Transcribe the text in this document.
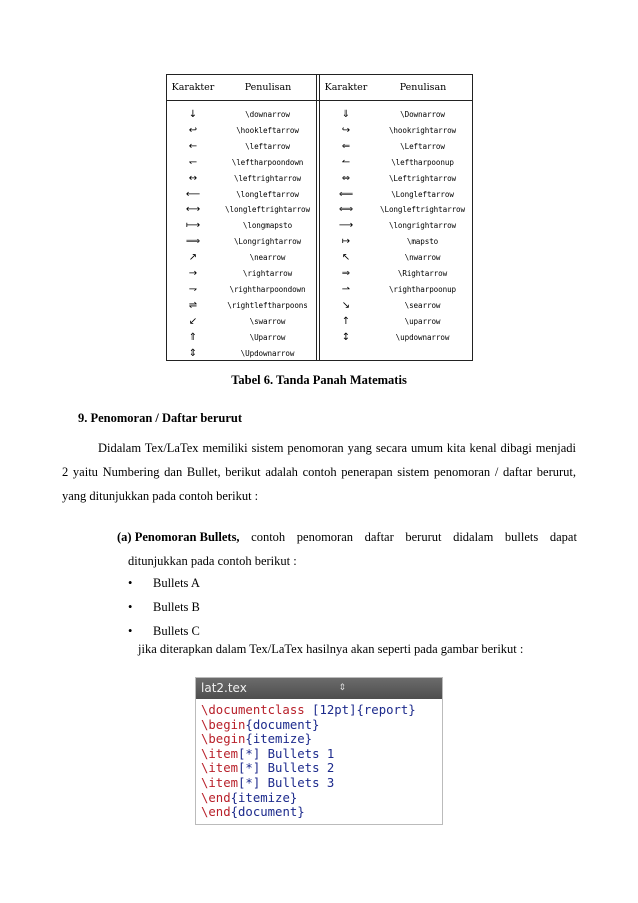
Karakter	Penulisan	Karakter	Penulisan
↓	\downarrow	⇓	\Downarrow
↩	\hookleftarrow	↪	\hookrightarrow
←	\leftarrow	⇐	\Leftarrow
↽	\leftharpoondown	↼	\leftharpoonup
↔	\leftrightarrow	⇔	\Leftrightarrow
⟵	\longleftarrow	⟸	\Longleftarrow
⟷	\longleftrightarrow	⟺	\Longleftrightarrow
⟼	\longmapsto	⟶	\longrightarrow
⟹	\Longrightarrow	↦	\mapsto
↗	\nearrow	↖	\nwarrow
→	\rightarrow	⇒	\Rightarrow
⇁	\rightharpoondown	⇀	\rightharpoonup
⇌	\rightleftharpoons	↘	\searrow
↙	\swarrow	↑	\uparrow
⇑	\Uparrow	↕	\updownarrow
⇕	\Updownarrow
Tabel 6. Tanda Panah Matematis
9. Penomoran / Daftar berurut
Didalam Tex/LaTex memiliki sistem penomoran yang secara umum kita kenal dibagi menjadi 2 yaitu Numbering dan Bullet, berikut adalah contoh penerapan sistem penomoran / daftar berurut, yang ditunjukkan pada contoh berikut :
(a) Penomoran Bullets, contoh penomoran daftar berurut didalam bullets dapat
ditunjukkan pada contoh berikut :
• Bullets A
• Bullets B
• Bullets C
jika diterapkan dalam Tex/LaTex hasilnya akan seperti pada gambar berikut :
lat2.tex	⇕
\documentclass [12pt]{report}
\begin{document}
\begin{itemize}
\item[*] Bullets 1
\item[*] Bullets 2
\item[*] Bullets 3
\end{itemize}
\end{document}
